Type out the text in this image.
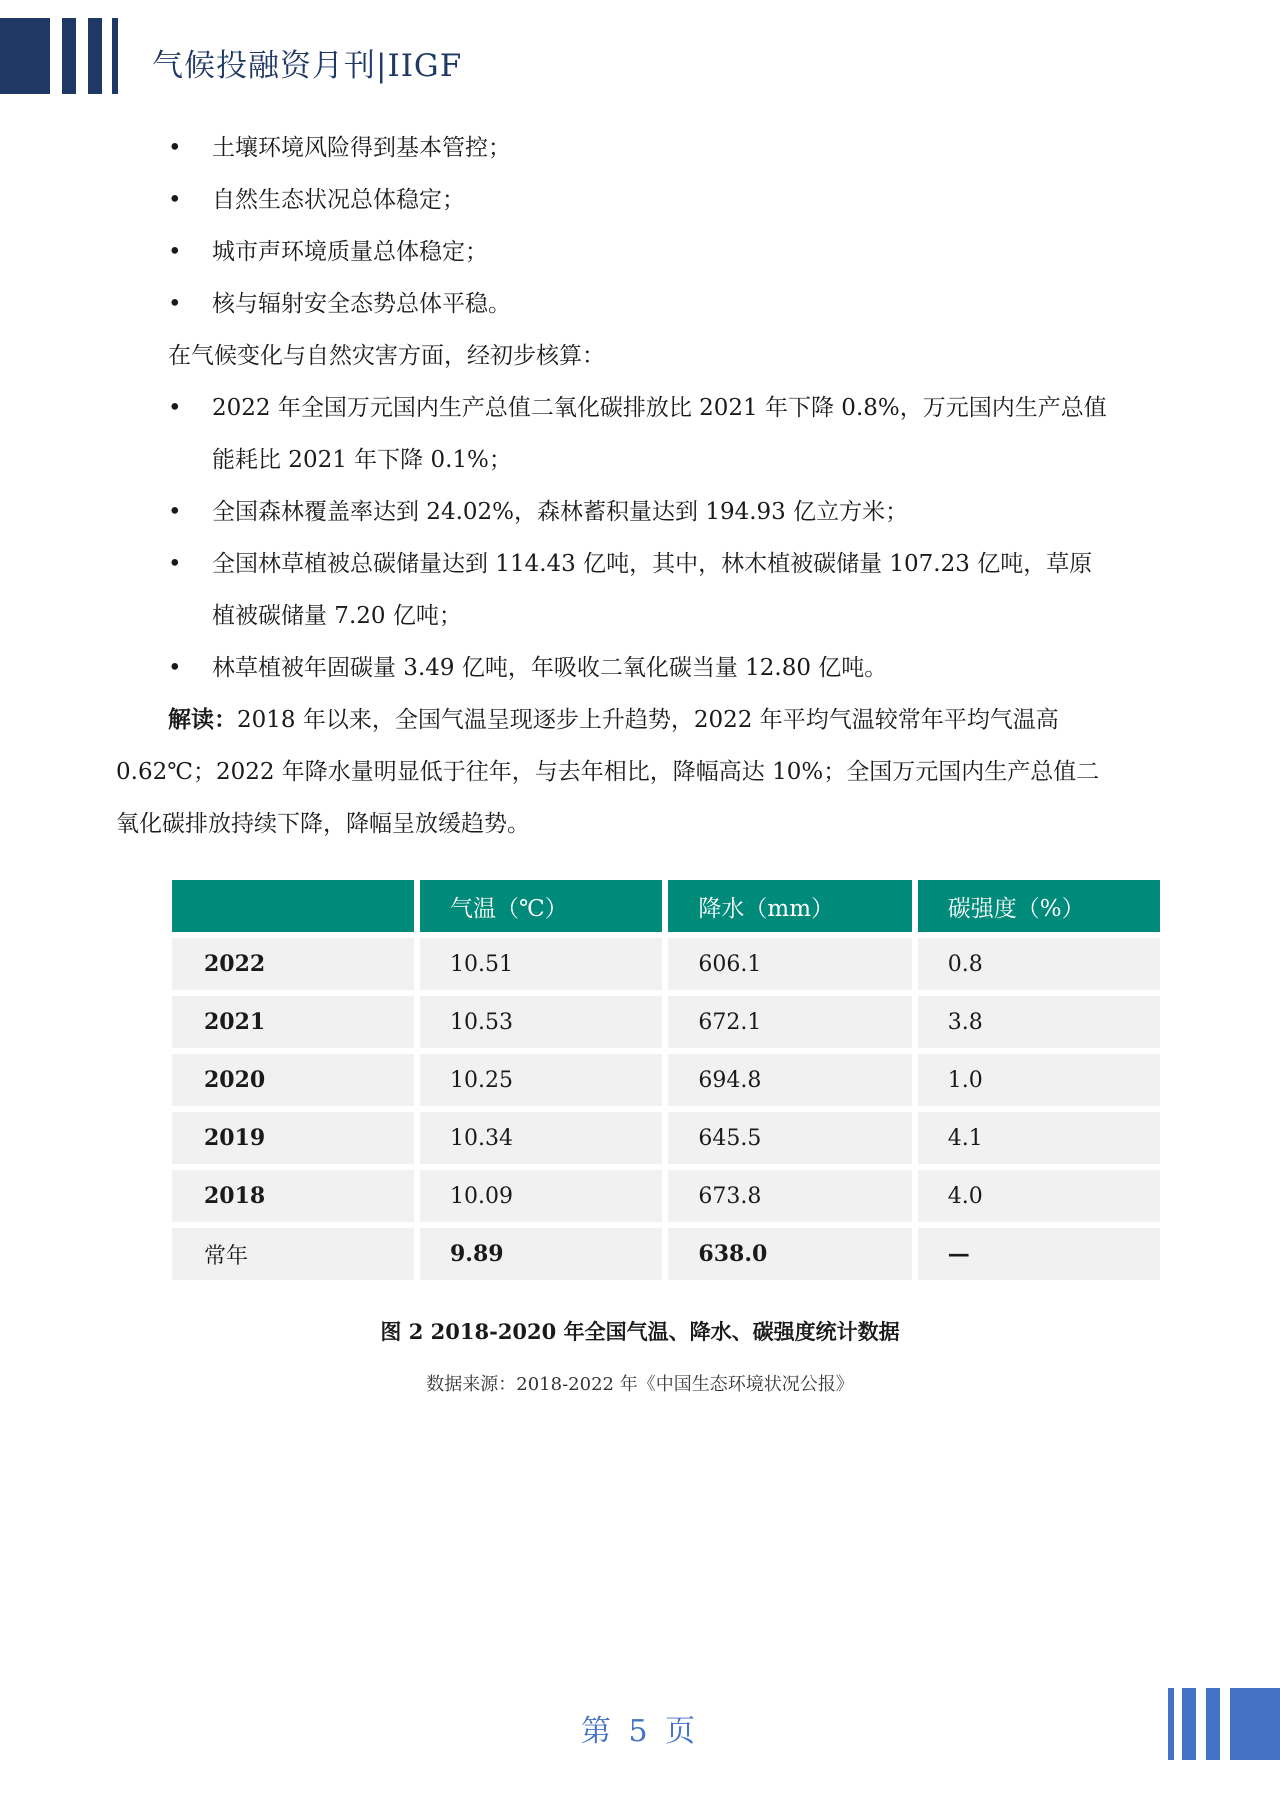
气候投融资月刊|IIGF
•	土壤环境风险得到基本管控；
•	自然生态状况总体稳定；
•	城市声环境质量总体稳定；
•	核与辐射安全态势总体平稳。
在气候变化与自然灾害方面，经初步核算：
•	2022 年全国万元国内生产总值二氧化碳排放比 2021 年下降 0.8%，万元国内生产总值
能耗比 2021 年下降 0.1%；
•	全国森林覆盖率达到 24.02%，森林蓄积量达到 194.93 亿立方米；
•	全国林草植被总碳储量达到 114.43 亿吨，其中，林木植被碳储量 107.23 亿吨，草原
植被碳储量 7.20 亿吨；
•	林草植被年固碳量 3.49 亿吨，年吸收二氧化碳当量 12.80 亿吨。
解读：2018 年以来，全国气温呈现逐步上升趋势，2022 年平均气温较常年平均气温高
0.62℃；2022 年降水量明显低于往年，与去年相比，降幅高达 10%；全国万元国内生产总值二
氧化碳排放持续下降，降幅呈放缓趋势。
	气温（℃）	降水（mm）	碳强度（%）
2022	10.51	606.1	0.8
2021	10.53	672.1	3.8
2020	10.25	694.8	1.0
2019	10.34	645.5	4.1
2018	10.09	673.8	4.0
常年	9.89	638.0	—
图 2 2018-2020 年全国气温、降水、碳强度统计数据
数据来源：2018-2022 年《中国生态环境状况公报》
第 5 页
